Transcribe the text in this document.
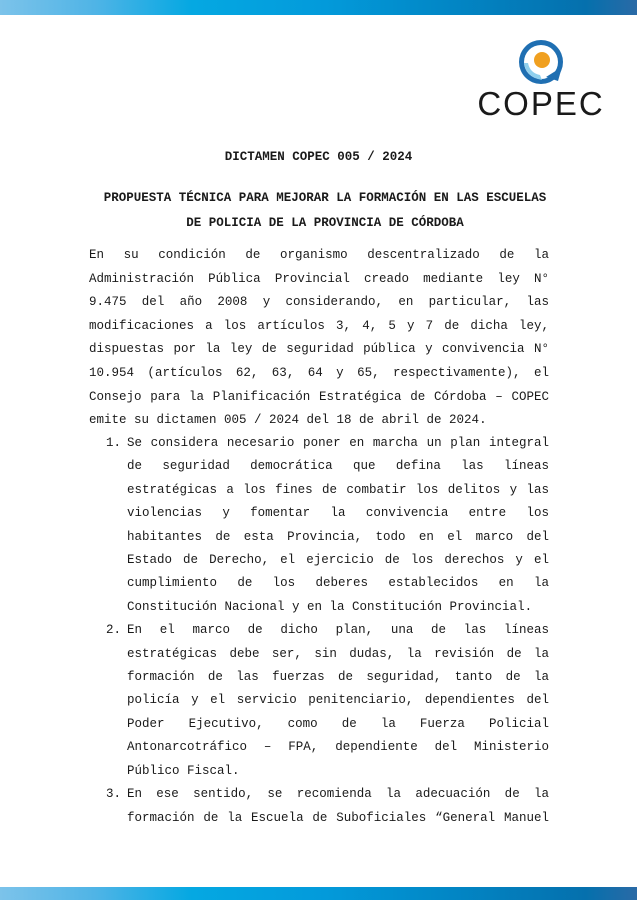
COPEC
DICTAMEN COPEC 005 / 2024
PROPUESTA TÉCNICA PARA MEJORAR LA FORMACIÓN EN LAS ESCUELAS
DE POLICIA DE LA PROVINCIA DE CÓRDOBA

En su condición de organismo descentralizado de la Administración Pública Provincial creado mediante ley N° 9.475 del año 2008 y considerando, en particular, las modificaciones a los artículos 3, 4, 5 y 7 de dicha ley, dispuestas por la ley de seguridad pública y convivencia N° 10.954 (artículos 62, 63, 64 y 65, respectivamente), el Consejo para la Planificación Estratégica de Córdoba – COPEC emite su dictamen 005 / 2024 del 18 de abril de 2024.

1. Se considera necesario poner en marcha un plan integral de seguridad democrática que defina las líneas estratégicas a los fines de combatir los delitos y las violencias y fomentar la convivencia entre los habitantes de esta Provincia, todo en el marco del Estado de Derecho, el ejercicio de los derechos y el cumplimiento de los deberes establecidos en la Constitución Nacional y en la Constitución Provincial.
2. En el marco de dicho plan, una de las líneas estratégicas debe ser, sin dudas, la revisión de la formación de las fuerzas de seguridad, tanto de la policía y el servicio penitenciario, dependientes del Poder Ejecutivo, como de la Fuerza Policial Antonarcotráfico – FPA, dependiente del Ministerio Público Fiscal.
3. En ese sentido, se recomienda la adecuación de la formación de la Escuela de Suboficiales “General Manuel
